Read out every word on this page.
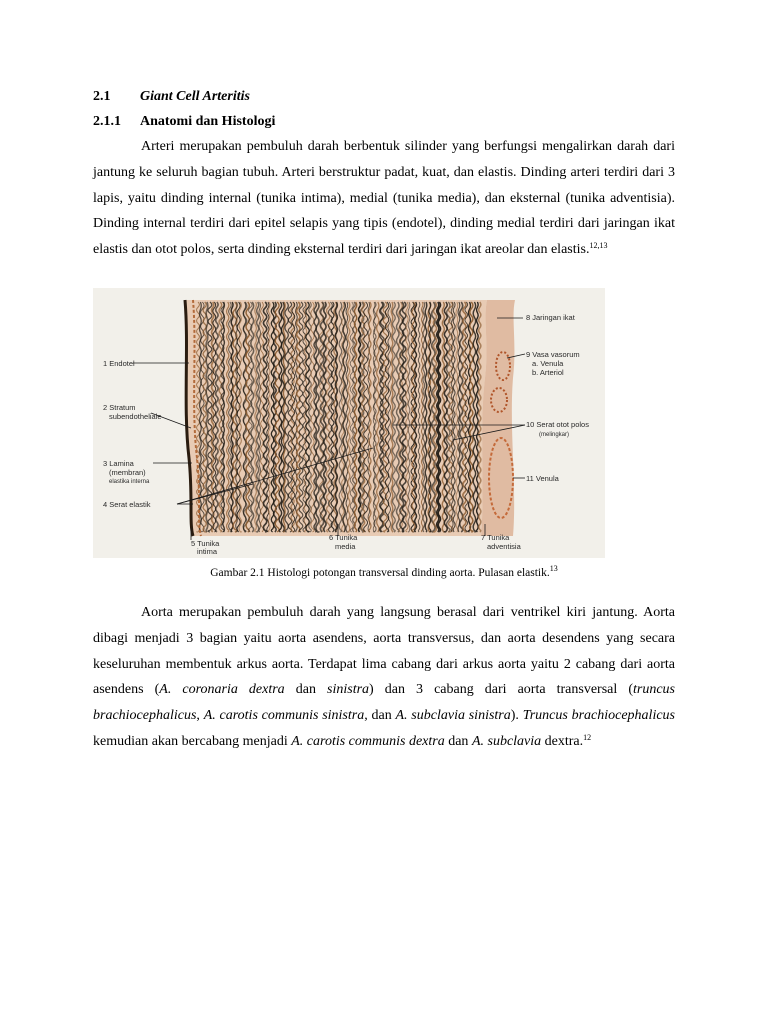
2.1 Giant Cell Arteritis
2.1.1 Anatomi dan Histologi

Arteri merupakan pembuluh darah berbentuk silinder yang berfungsi mengalirkan darah dari jantung ke seluruh bagian tubuh. Arteri berstruktur padat, kuat, dan elastis. Dinding arteri terdiri dari 3 lapis, yaitu dinding internal (tunika intima), medial (tunika media), dan eksternal (tunika adventisia). Dinding internal terdiri dari epitel selapis yang tipis (endotel), dinding medial terdiri dari jaringan ikat elastis dan otot polos, serta dinding eksternal terdiri dari jaringan ikat areolar dan elastis.$^{12,13}$

1 Endotel
2 Stratum
subendotheliale
3 Lamina
(membran)
elastika interna
4 Serat elastik
5 Tunika
intima
6 Tunika
media
7 Tunika
adventisia
8 Jaringan ikat
9 Vasa vasorum
a. Venula
b. Arteriol
10 Serat otot polos
(melingkar)
11 Venula
Gambar 2.1 Histologi potongan transversal dinding aorta. Pulasan elastik.$^{13}$

Aorta merupakan pembuluh darah yang langsung berasal dari ventrikel kiri jantung. Aorta dibagi menjadi 3 bagian yaitu aorta asendens, aorta transversus, dan aorta desendens yang secara keseluruhan membentuk arkus aorta. Terdapat lima cabang dari arkus aorta yaitu 2 cabang dari aorta asendens (A. coronaria dextra dan sinistra) dan 3 cabang dari aorta transversal (truncus brachiocephalicus, A. carotis communis sinistra, dan A. subclavia sinistra). Truncus brachiocephalicus kemudian akan bercabang menjadi A. carotis communis dextra dan A. subclavia dextra.$^{12}$
